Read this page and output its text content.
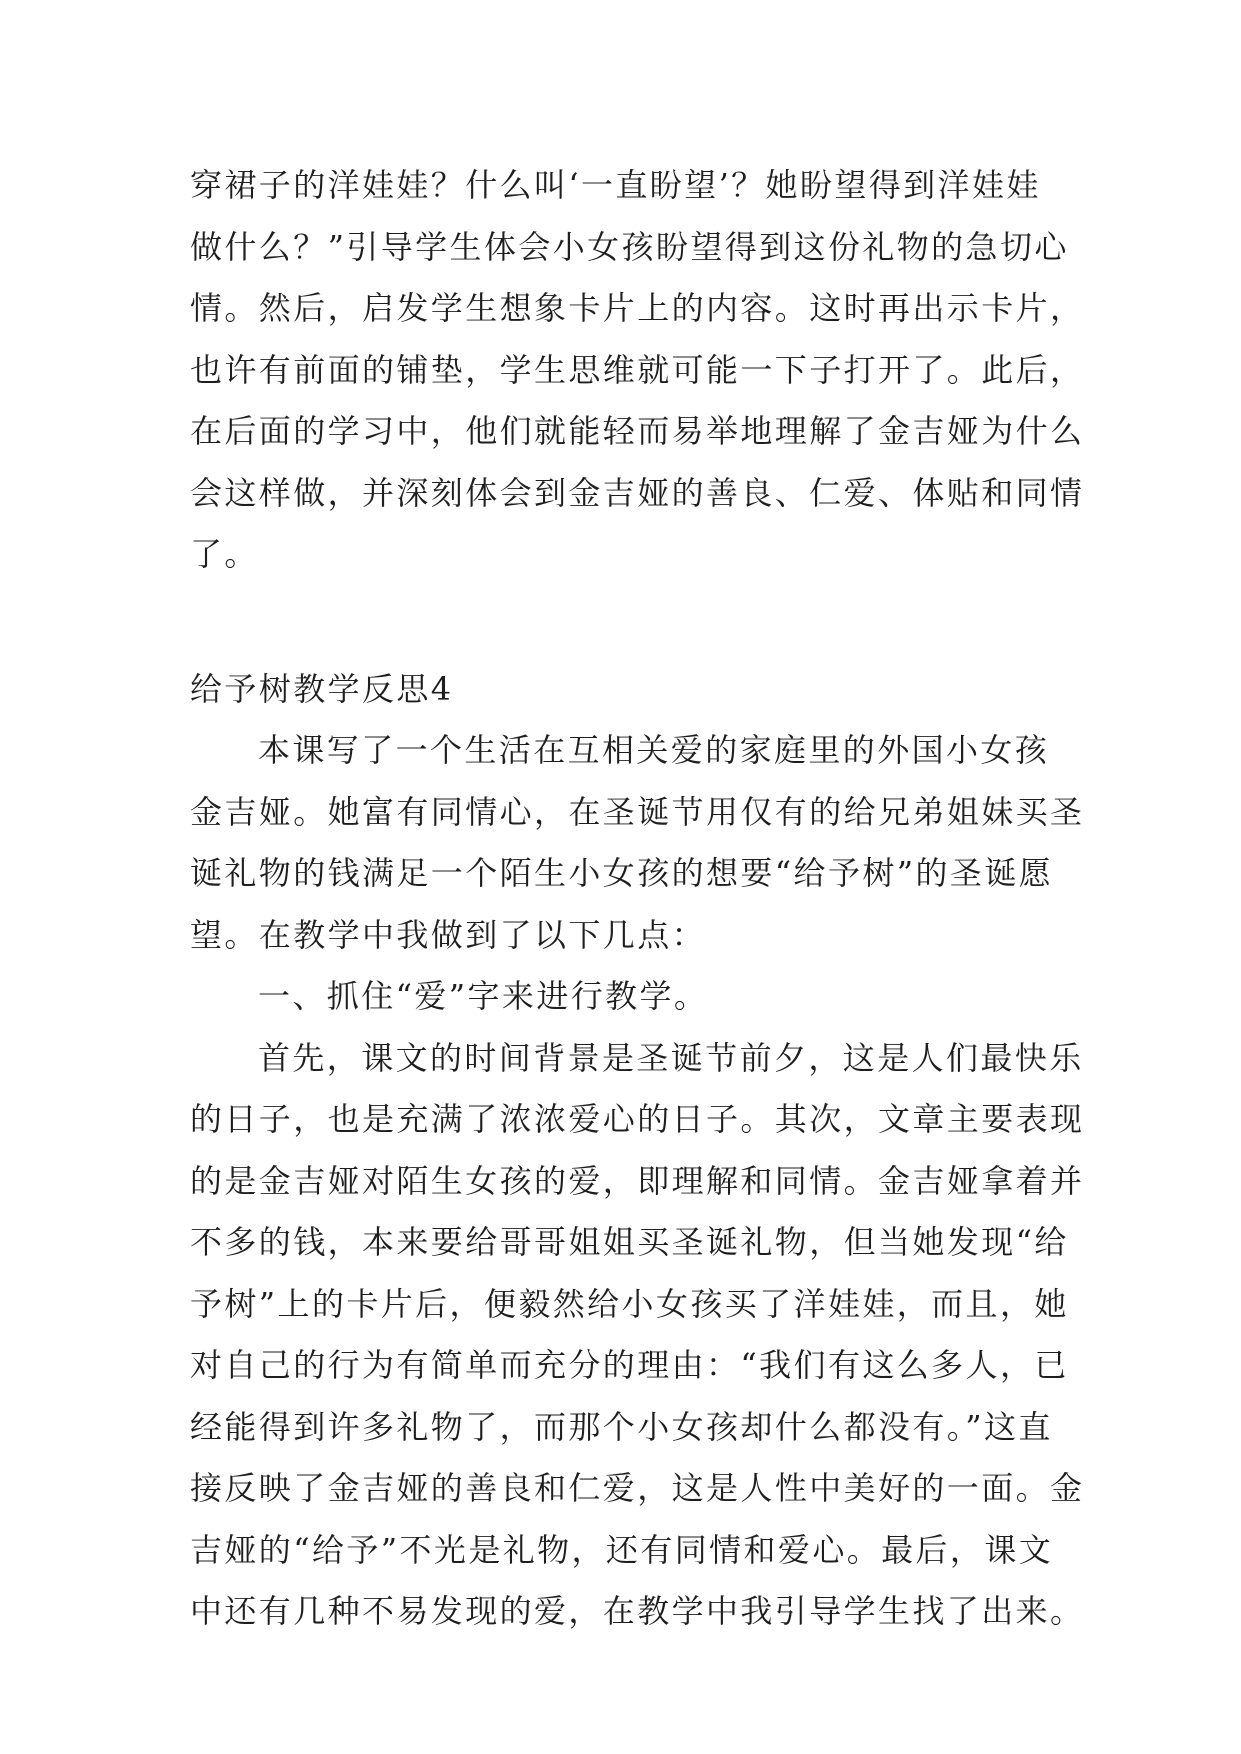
穿裙子的洋娃娃？什么叫‘一直盼望’？她盼望得到洋娃娃
做什么？”引导学生体会小女孩盼望得到这份礼物的急切心
情。然后，启发学生想象卡片上的内容。这时再出示卡片，
也许有前面的铺垫，学生思维就可能一下子打开了。此后，
在后面的学习中，他们就能轻而易举地理解了金吉娅为什么
会这样做，并深刻体会到金吉娅的善良、仁爱、体贴和同情
了。
给予树教学反思4
本课写了一个生活在互相关爱的家庭里的外国小女孩
金吉娅。她富有同情心，在圣诞节用仅有的给兄弟姐妹买圣
诞礼物的钱满足一个陌生小女孩的想要“给予树”的圣诞愿
望。在教学中我做到了以下几点：
一、抓住“爱”字来进行教学。
首先，课文的时间背景是圣诞节前夕，这是人们最快乐
的日子，也是充满了浓浓爱心的日子。其次，文章主要表现
的是金吉娅对陌生女孩的爱，即理解和同情。金吉娅拿着并
不多的钱，本来要给哥哥姐姐买圣诞礼物，但当她发现“给
予树”上的卡片后，便毅然给小女孩买了洋娃娃，而且，她
对自己的行为有简单而充分的理由：“我们有这么多人，已
经能得到许多礼物了，而那个小女孩却什么都没有。”这直
接反映了金吉娅的善良和仁爱，这是人性中美好的一面。金
吉娅的“给予”不光是礼物，还有同情和爱心。最后，课文
中还有几种不易发现的爱，在教学中我引导学生找了出来。
